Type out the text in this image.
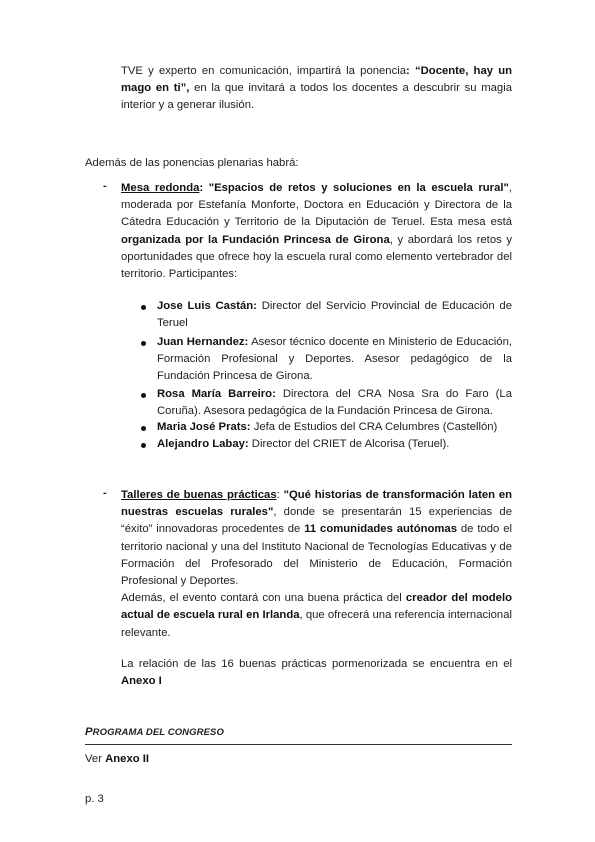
TVE y experto en comunicación, impartirá la ponencia: “Docente, hay un mago en ti”, en la que invitará a todos los docentes a descubrir su magia interior y a generar ilusión.

Además de las ponencias plenarias habrá:

- Mesa redonda: "Espacios de retos y soluciones en la escuela rural", moderada por Estefanía Monforte, Doctora en Educación y Directora de la Cátedra Educación y Territorio de la Diputación de Teruel. Esta mesa está organizada por la Fundación Princesa de Girona, y abordará los retos y oportunidades que ofrece hoy la escuela rural como elemento vertebrador del territorio. Participantes:

Jose Luis Castán: Director del Servicio Provincial de Educación de Teruel

Juan Hernandez: Asesor técnico docente en Ministerio de Educación, Formación Profesional y Deportes. Asesor pedagógico de la Fundación Princesa de Girona.

Rosa María Barreiro: Directora del CRA Nosa Sra do Faro (La Coruña). Asesora pedagógica de la Fundación Princesa de Girona.

Maria José Prats: Jefa de Estudios del CRA Celumbres (Castellón)

Alejandro Labay: Director del CRIET de Alcorisa (Teruel).

- Talleres de buenas prácticas: "Qué historias de transformación laten en nuestras escuelas rurales", donde se presentarán 15 experiencias de “éxito” innovadoras procedentes de 11 comunidades autónomas de todo el territorio nacional y una del Instituto Nacional de Tecnologías Educativas y de Formación del Profesorado del Ministerio de Educación, Formación Profesional y Deportes.
Además, el evento contará con una buena práctica del creador del modelo actual de escuela rural en Irlanda, que ofrecerá una referencia internacional relevante.

La relación de las 16 buenas prácticas pormenorizada se encuentra en el Anexo I

PROGRAMA DEL CONGRESO

Ver Anexo II

p. 3
